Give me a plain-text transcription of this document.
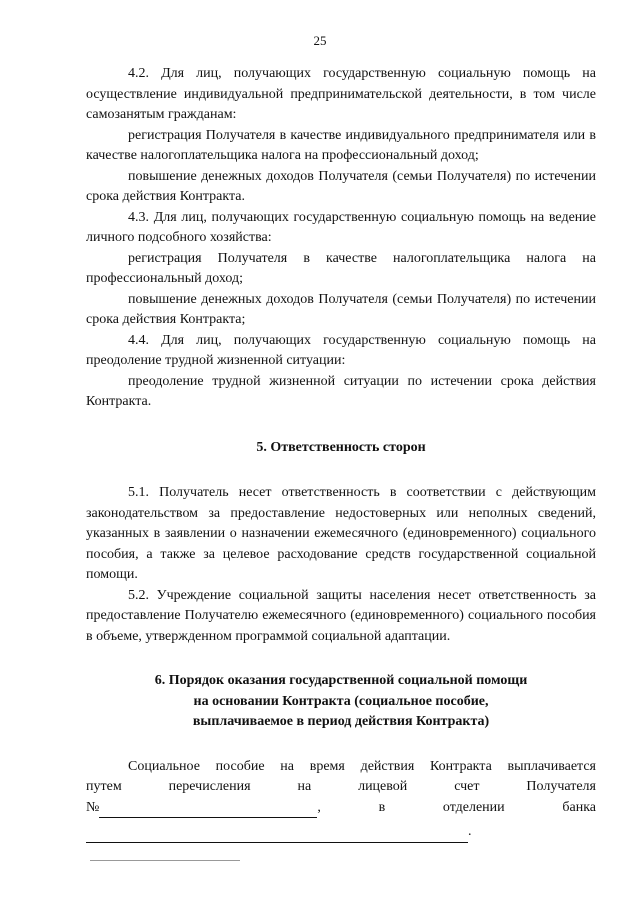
25

4.2. Для лиц, получающих государственную социальную помощь на осуществление индивидуальной предпринимательской деятельности, в том числе самозанятым гражданам:

регистрация Получателя в качестве индивидуального предпринимателя или в качестве налогоплательщика налога на профессиональный доход;

повышение денежных доходов Получателя (семьи Получателя) по истечении срока действия Контракта.

4.3. Для лиц, получающих государственную социальную помощь на ведение личного подсобного хозяйства:

регистрация Получателя в качестве налогоплательщика налога на профессиональный доход;

повышение денежных доходов Получателя (семьи Получателя) по истечении срока действия Контракта;

4.4. Для лиц, получающих государственную социальную помощь на преодоление трудной жизненной ситуации:

преодоление трудной жизненной ситуации по истечении срока действия Контракта.

5. Ответственность сторон

5.1. Получатель несет ответственность в соответствии с действующим законодательством за предоставление недостоверных или неполных сведений, указанных в заявлении о назначении ежемесячного (единовременного) социального пособия, а также за целевое расходование средств государственной социальной помощи.

5.2. Учреждение социальной защиты населения несет ответственность за предоставление Получателю ежемесячного (единовременного) социального пособия в объеме, утвержденном программой социальной адаптации.

6. Порядок оказания государственной социальной помощи
на основании Контракта (социальное пособие,
выплачиваемое в период действия Контракта)

Социальное пособие на время действия Контракта выплачивается

путем	перечисления	на	лицевой	счет	Получателя
№	,	в	отделении	банка
.
